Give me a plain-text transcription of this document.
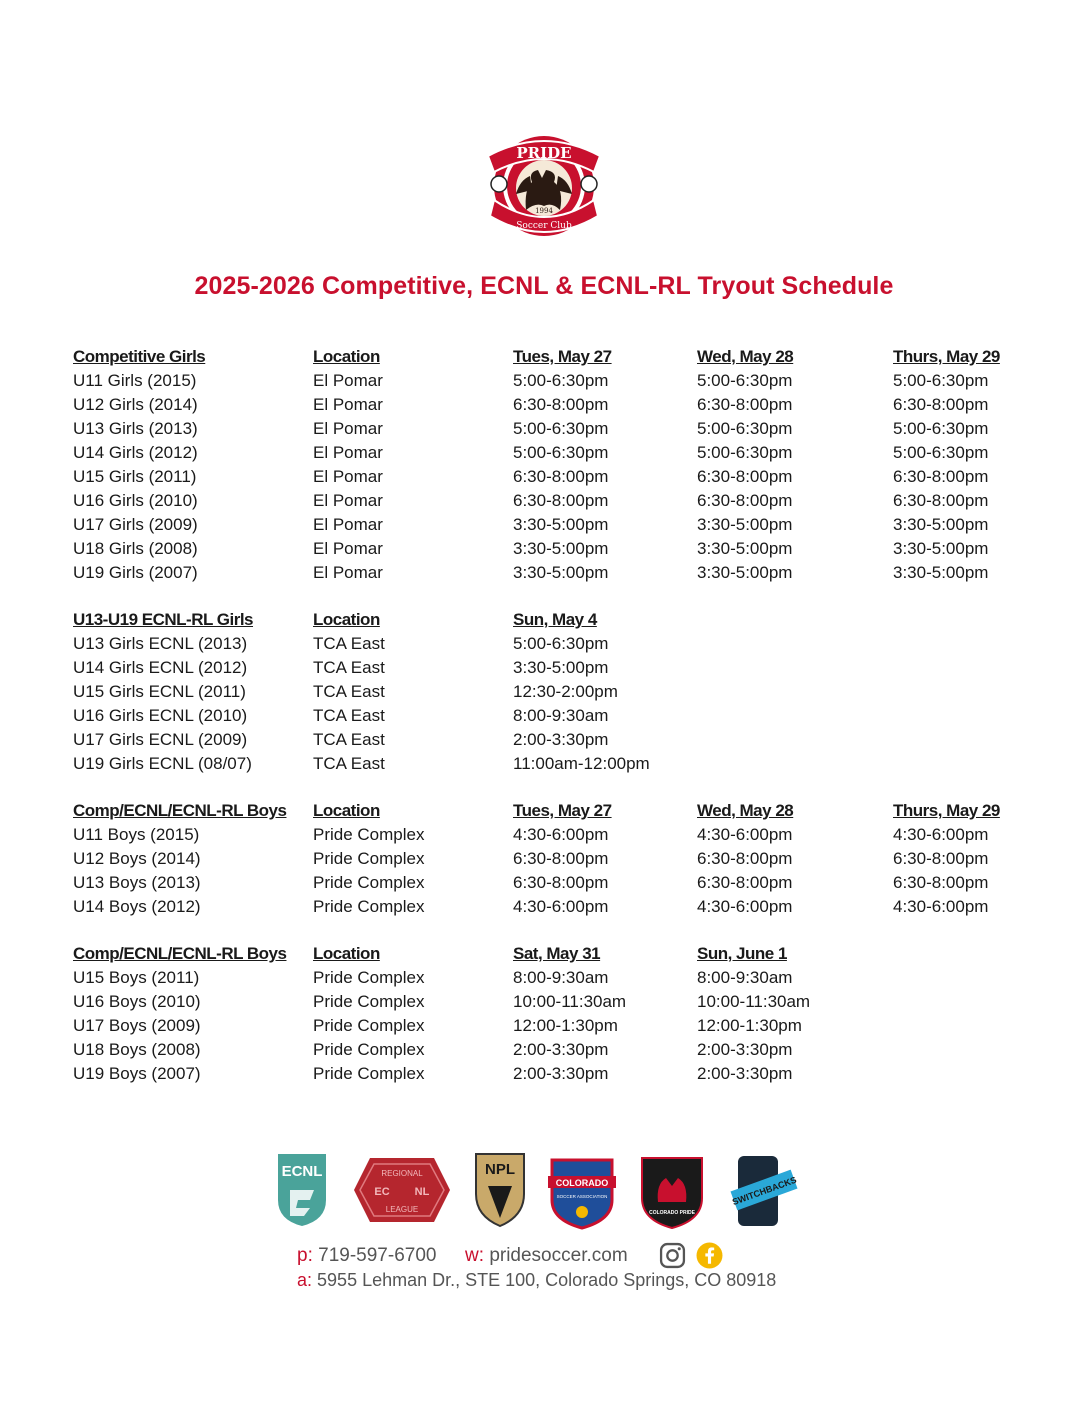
PRIDE
1994
Soccer Club
2025-2026 Competitive, ECNL & ECNL-RL Tryout Schedule
Competitive Girls	Location	Tues, May 27	Wed, May 28	Thurs, May 29
U11 Girls (2015)	El Pomar	5:00-6:30pm	5:00-6:30pm	5:00-6:30pm
U12 Girls (2014)	El Pomar	6:30-8:00pm	6:30-8:00pm	6:30-8:00pm
U13 Girls (2013)	El Pomar	5:00-6:30pm	5:00-6:30pm	5:00-6:30pm
U14 Girls (2012)	El Pomar	5:00-6:30pm	5:00-6:30pm	5:00-6:30pm
U15 Girls (2011)	El Pomar	6:30-8:00pm	6:30-8:00pm	6:30-8:00pm
U16 Girls (2010)	El Pomar	6:30-8:00pm	6:30-8:00pm	6:30-8:00pm
U17 Girls (2009)	El Pomar	3:30-5:00pm	3:30-5:00pm	3:30-5:00pm
U18 Girls (2008)	El Pomar	3:30-5:00pm	3:30-5:00pm	3:30-5:00pm
U19 Girls (2007)	El Pomar	3:30-5:00pm	3:30-5:00pm	3:30-5:00pm
U13-U19 ECNL-RL Girls	Location	Sun, May 4		
U13 Girls ECNL (2013)	TCA East	5:00-6:30pm		
U14 Girls ECNL (2012)	TCA East	3:30-5:00pm		
U15 Girls ECNL (2011)	TCA East	12:30-2:00pm		
U16 Girls ECNL (2010)	TCA East	8:00-9:30am		
U17 Girls ECNL (2009)	TCA East	2:00-3:30pm		
U19 Girls ECNL (08/07)	TCA East	11:00am-12:00pm		
Comp/ECNL/ECNL-RL Boys	Location	Tues, May 27	Wed, May 28	Thurs, May 29
U11 Boys (2015)	Pride Complex	4:30-6:00pm	4:30-6:00pm	4:30-6:00pm
U12 Boys (2014)	Pride Complex	6:30-8:00pm	6:30-8:00pm	6:30-8:00pm
U13 Boys (2013)	Pride Complex	6:30-8:00pm	6:30-8:00pm	6:30-8:00pm
U14 Boys (2012)	Pride Complex	4:30-6:00pm	4:30-6:00pm	4:30-6:00pm
Comp/ECNL/ECNL-RL Boys	Location	Sat, May 31	Sun, June 1	
U15 Boys (2011)	Pride Complex	8:00-9:30am	8:00-9:30am	
U16 Boys (2010)	Pride Complex	10:00-11:30am	10:00-11:30am	
U17 Boys (2009)	Pride Complex	12:00-1:30pm	12:00-1:30pm	
U18 Boys (2008)	Pride Complex	2:00-3:30pm	2:00-3:30pm	
U19 Boys (2007)	Pride Complex	2:00-3:30pm	2:00-3:30pm	
ECNL	REGIONAL
EC NL
LEAGUE
NPL
COLORADO
SOCCER ASSOCIATION
COLORADO PRIDE
SWITCHBACKS
p: 719-597-6700 w: pridesoccer.com
a: 5955 Lehman Dr., STE 100, Colorado Springs, CO 80918
